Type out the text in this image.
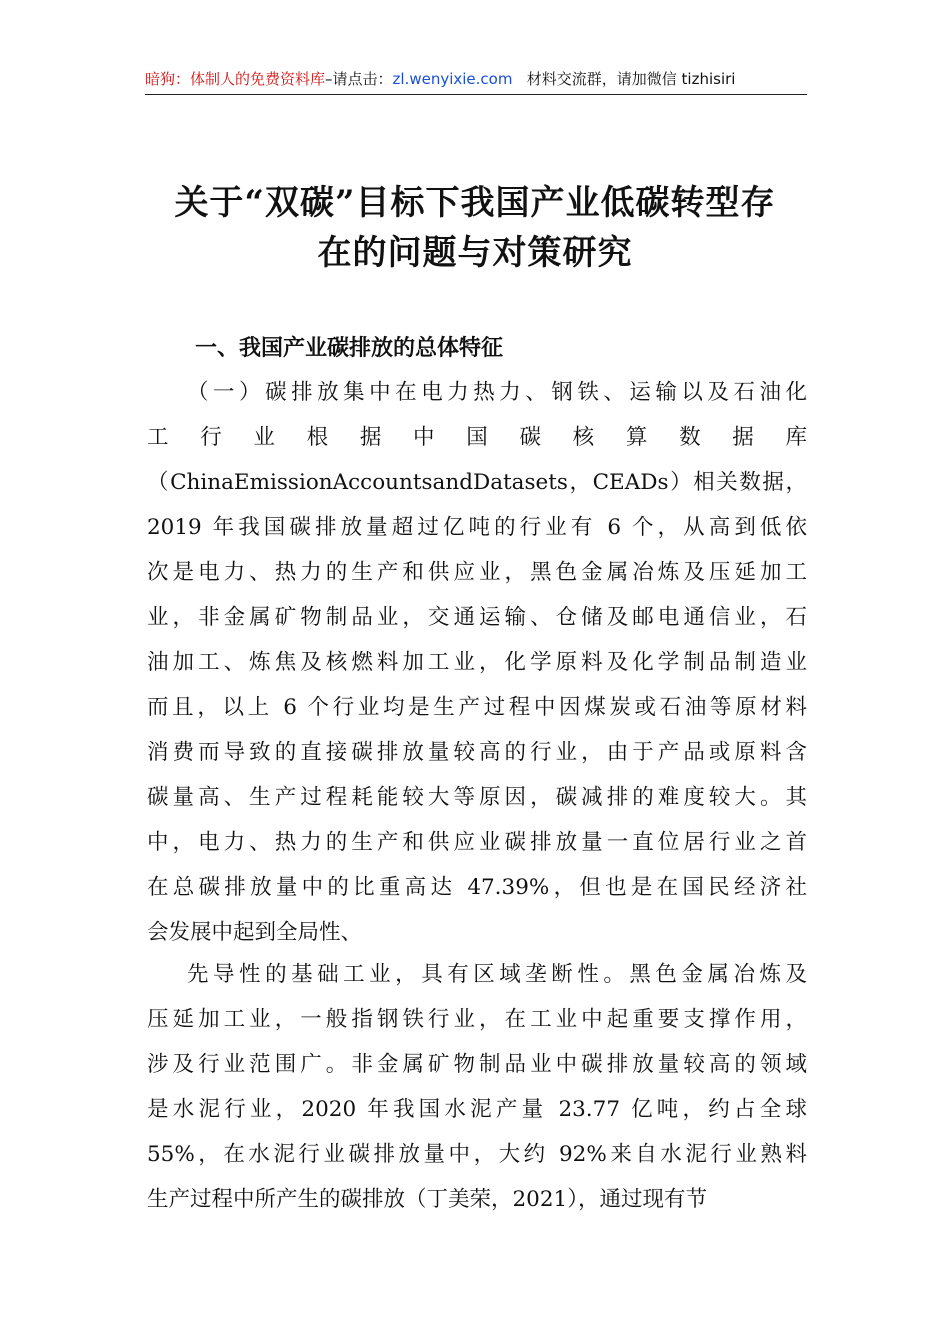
暗狗：体制人的免费资料库–请点击：zl.wenyixie.com 材料交流群，请加微信 tizhisiri
关于“双碳”目标下我国产业低碳转型存
在的问题与对策研究
一、我国产业碳排放的总体特征
（一）碳排放集中在电力热力、钢铁、运输以及石油化
工行业根据中国碳核算数据库
（ChinaEmissionAccountsandDatasets，CEADs）相关数据，
2019 年我国碳排放量超过亿吨的行业有 6 个，从高到低依
次是电力、热力的生产和供应业，黑色金属冶炼及压延加工
业，非金属矿物制品业，交通运输、仓储及邮电通信业，石
油加工、炼焦及核燃料加工业，化学原料及化学制品制造业
而且，以上 6 个行业均是生产过程中因煤炭或石油等原材料
消费而导致的直接碳排放量较高的行业，由于产品或原料含
碳量高、生产过程耗能较大等原因，碳减排的难度较大。其
中，电力、热力的生产和供应业碳排放量一直位居行业之首
在总碳排放量中的比重高达 47.39%，但也是在国民经济社
会发展中起到全局性、
先导性的基础工业，具有区域垄断性。黑色金属冶炼及
压延加工业，一般指钢铁行业，在工业中起重要支撑作用，
涉及行业范围广。非金属矿物制品业中碳排放量较高的领域
是水泥行业，2020 年我国水泥产量 23.77 亿吨，约占全球
55%，在水泥行业碳排放量中，大约 92%来自水泥行业熟料
生产过程中所产生的碳排放（丁美荣，2021），通过现有节
